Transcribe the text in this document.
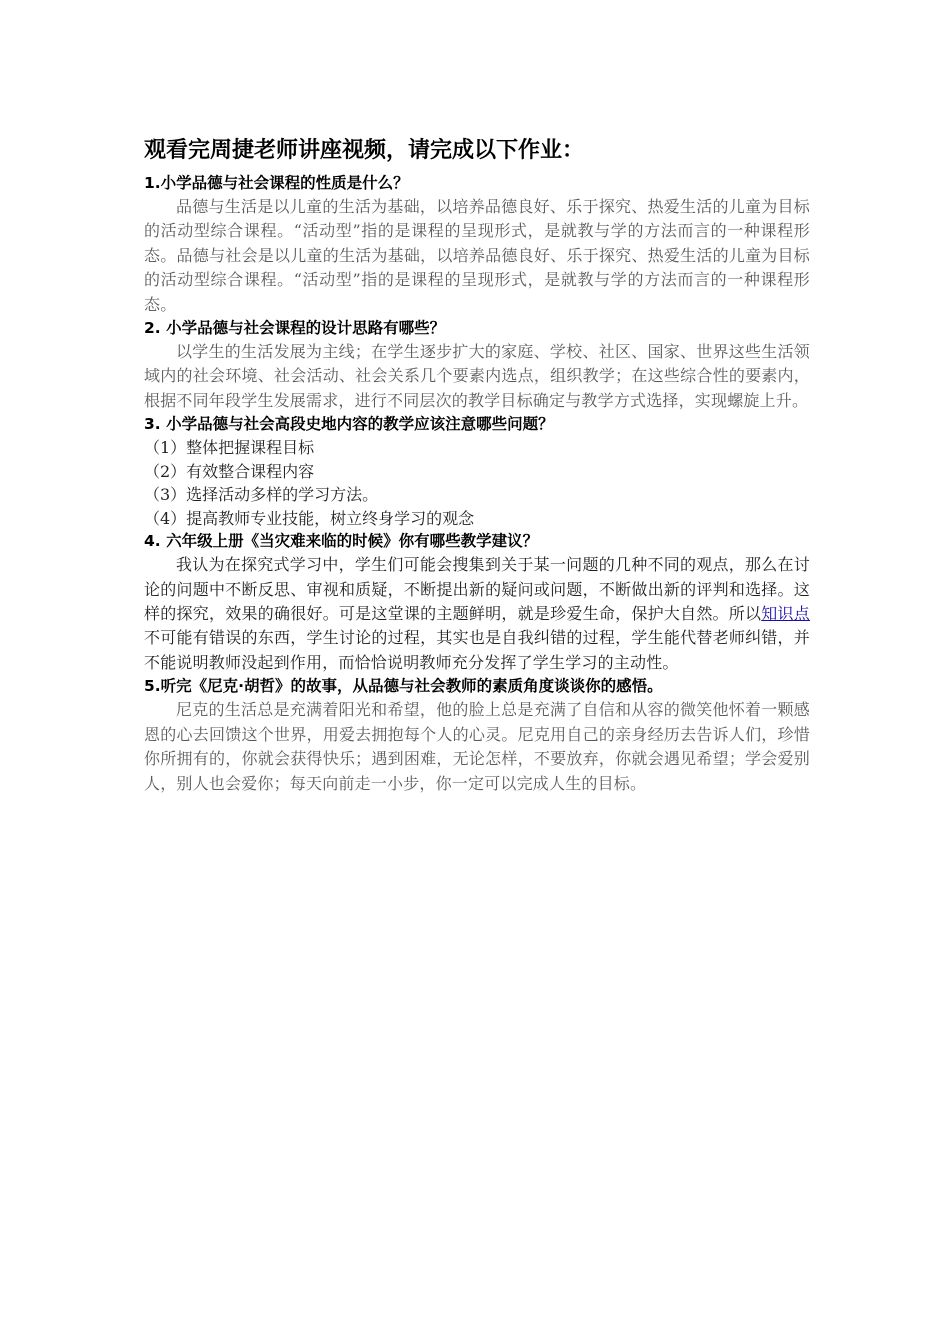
观看完周捷老师讲座视频，请完成以下作业：

1.小学品德与社会课程的性质是什么？

品德与生活是以儿童的生活为基础，以培养品德良好、乐于探究、热爱生活的儿童为目标的活动型综合课程。“活动型”指的是课程的呈现形式，是就教与学的方法而言的一种课程形态。品德与社会是以儿童的生活为基础，以培养品德良好、乐于探究、热爱生活的儿童为目标的活动型综合课程。“活动型”指的是课程的呈现形式，是就教与学的方法而言的一种课程形态。

2. 小学品德与社会课程的设计思路有哪些？

以学生的生活发展为主线；在学生逐步扩大的家庭、学校、社区、国家、世界这些生活领域内的社会环境、社会活动、社会关系几个要素内选点，组织教学；在这些综合性的要素内，根据不同年段学生发展需求，进行不同层次的教学目标确定与教学方式选择，实现螺旋上升。

3. 小学品德与社会高段史地内容的教学应该注意哪些问题？

（1）整体把握课程目标

（2）有效整合课程内容

（3）选择活动多样的学习方法。

（4）提高教师专业技能，树立终身学习的观念

4. 六年级上册《当灾难来临的时候》你有哪些教学建议？

我认为在探究式学习中，学生们可能会搜集到关于某一问题的几种不同的观点，那么在讨论的问题中不断反思、审视和质疑，不断提出新的疑问或问题，不断做出新的评判和选择。这样的探究，效果的确很好。可是这堂课的主题鲜明，就是珍爱生命，保护大自然。所以知识点不可能有错误的东西，学生讨论的过程，其实也是自我纠错的过程，学生能代替老师纠错，并不能说明教师没起到作用，而恰恰说明教师充分发挥了学生学习的主动性。

5.听完《尼克·胡哲》的故事，从品德与社会教师的素质角度谈谈你的感悟。

尼克的生活总是充满着阳光和希望，他的脸上总是充满了自信和从容的微笑他怀着一颗感恩的心去回馈这个世界，用爱去拥抱每个人的心灵。尼克用自己的亲身经历去告诉人们，珍惜你所拥有的，你就会获得快乐；遇到困难，无论怎样，不要放弃，你就会遇见希望；学会爱别人，别人也会爱你；每天向前走一小步，你一定可以完成人生的目标。
